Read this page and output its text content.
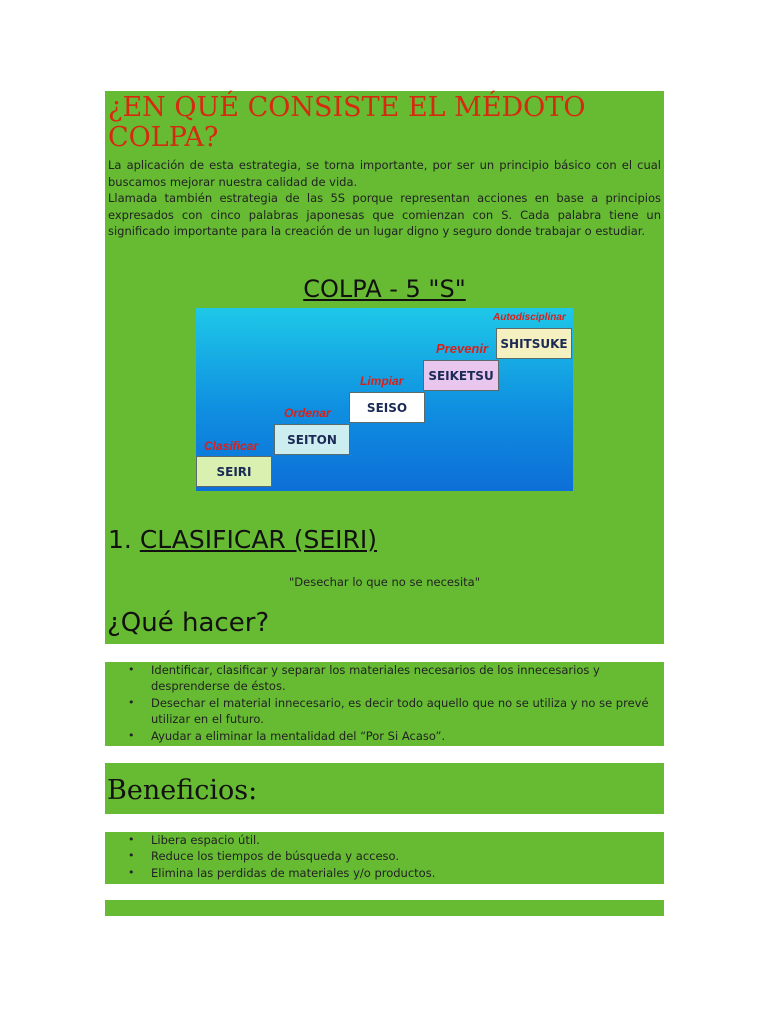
¿EN QUÉ CONSISTE EL MÉDOTO COLPA?

La aplicación de esta estrategia, se torna importante, por ser un principio básico con el cual buscamos mejorar nuestra calidad de vida.

Llamada también estrategia de las 5S porque representan acciones en base a principios expresados con cinco palabras japonesas que comienzan con S. Cada palabra tiene un significado importante para la creación de un lugar digno y seguro donde trabajar o estudiar.

COLPA - 5 "S"
SEIRI
Clasificar SEITON
Ordenar	SEISO
Limpiar SEIKETSU
Prevenir SHITSUKE
Autodisciplinar
1. CLASIFICAR (SEIRI)
"Desechar lo que no se necesita"
¿Qué hacer?
• Identificar, clasificar y separar los materiales necesarios de los innecesarios y desprenderse de éstos.
• Desechar el material innecesario, es decir todo aquello que no se utiliza y no se prevé utilizar en el futuro.
• Ayudar a eliminar la mentalidad del “Por Si Acaso”.
Beneficios:
• Libera espacio útil.
• Reduce los tiempos de búsqueda y acceso.
• Elimina las perdidas de materiales y/o productos.
